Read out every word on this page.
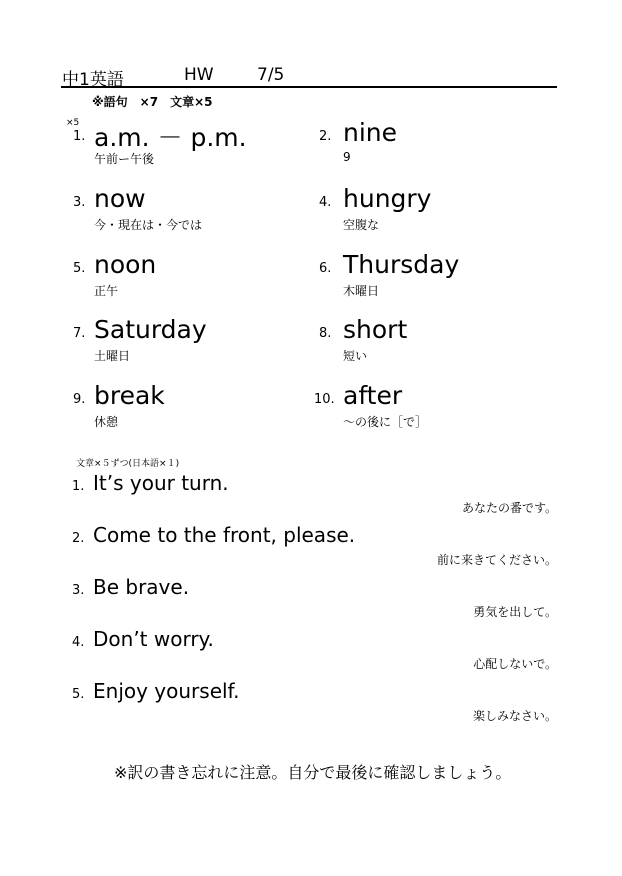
中1英語	HW	7/5
※語句　×7　文章×5
×5
1. a.m. － p.m.
午前ー午後
2. nine
9
3. now
今・現在は・今では
4. hungry
空腹な
5. noon
正午
6. Thursday
木曜日
7. Saturday
土曜日
8. short
短い
9. break
休憩
10. after
～の後に［で］
文章×５ずつ(日本語×１)
1. It’s your turn.
あなたの番です。
2. Come to the front, please.
前に来きてください。
3. Be brave.
勇気を出して。
4. Don’t worry.
心配しないで。
5. Enjoy yourself.
楽しみなさい。
※訳の書き忘れに注意。自分で最後に確認しましょう。
